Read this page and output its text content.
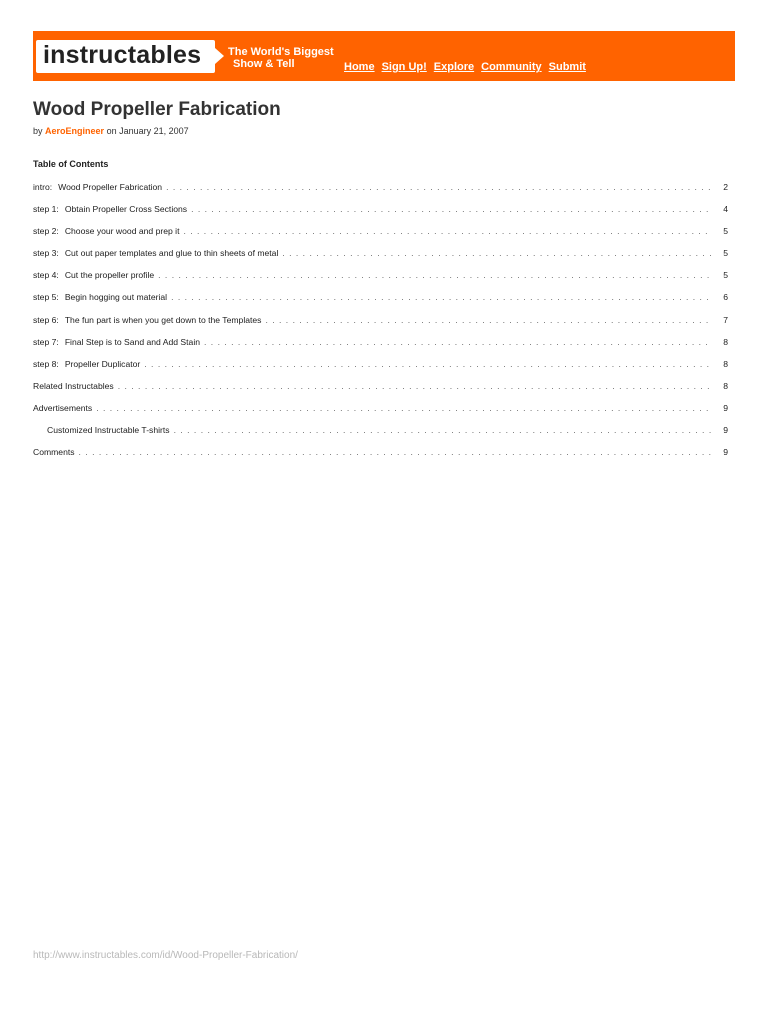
instructables The World's Biggest
Show & Tell	Home Sign Up! Explore Community Submit
Wood Propeller Fabrication
by AeroEngineer on January 21, 2007
Table of Contents
intro: Wood Propeller Fabrication . . .	2
step 1: Obtain Propeller Cross Sections . . .	4
step 2: Choose your wood and prep it . . .	5
step 3: Cut out paper templates and glue to thin sheets of metal . . .	5
step 4: Cut the propeller profile . . .	5
step 5: Begin hogging out material . . .	6
step 6: The fun part is when you get down to the Templates . . .	7
step 7: Final Step is to Sand and Add Stain . . .	8
step 8: Propeller Duplicator . . .	8
Related Instructables . . .	8
Advertisements . . .	9
Customized Instructable T-shirts . . .	9
Comments . . .	9
http://www.instructables.com/id/Wood-Propeller-Fabrication/
